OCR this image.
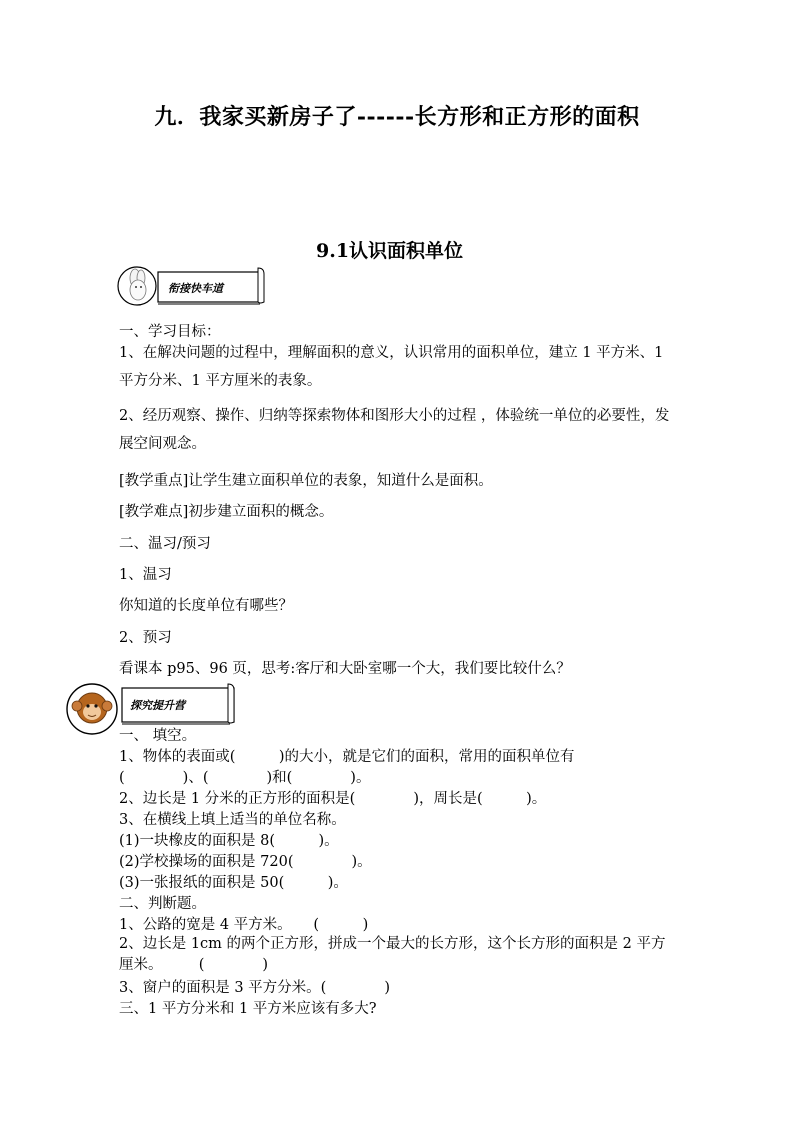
九．我家买新房子了------长方形和正方形的面积
9.1认识面积单位
衔接快车道
一、学习目标：
1、在解决问题的过程中，理解面积的意义，认识常用的面积单位，建立 1 平方米、1 平方分米、1 平方厘米的表象。
2、经历观察、操作、归纳等探索物体和图形大小的过程 ，体验统一单位的必要性，发展空间观念。
[教学重点]让学生建立面积单位的表象，知道什么是面积。
[教学难点]初步建立面积的概念。
二、温习/预习
1、温习
你知道的长度单位有哪些？
2、预习
看课本 p95、96 页，思考:客厅和大卧室哪一个大，我们要比较什么？
探究提升营
一、 填空。
1、物体的表面或(　　　)的大小，就是它们的面积，常用的面积单位有
(　　　　)、(　　　　)和(　　　　)。
2、边长是 1 分米的正方形的面积是(　　　　)，周长是(　　　)。
3、在横线上填上适当的单位名称。
(1)一块橡皮的面积是 8(　　　)。
(2)学校操场的面积是 720(　　　　)。
(3)一张报纸的面积是 50(　　　)。
二、判断题。
1、公路的宽是 4 平方米。　　(　　　)
2、边长是 1cm 的两个正方形，拼成一个最大的长方形，这个长方形的面积是 2 平方厘米。　　　(　　　　)
3、窗户的面积是 3 平方分米。(　　　　)
三、1 平方分米和 1 平方米应该有多大?
